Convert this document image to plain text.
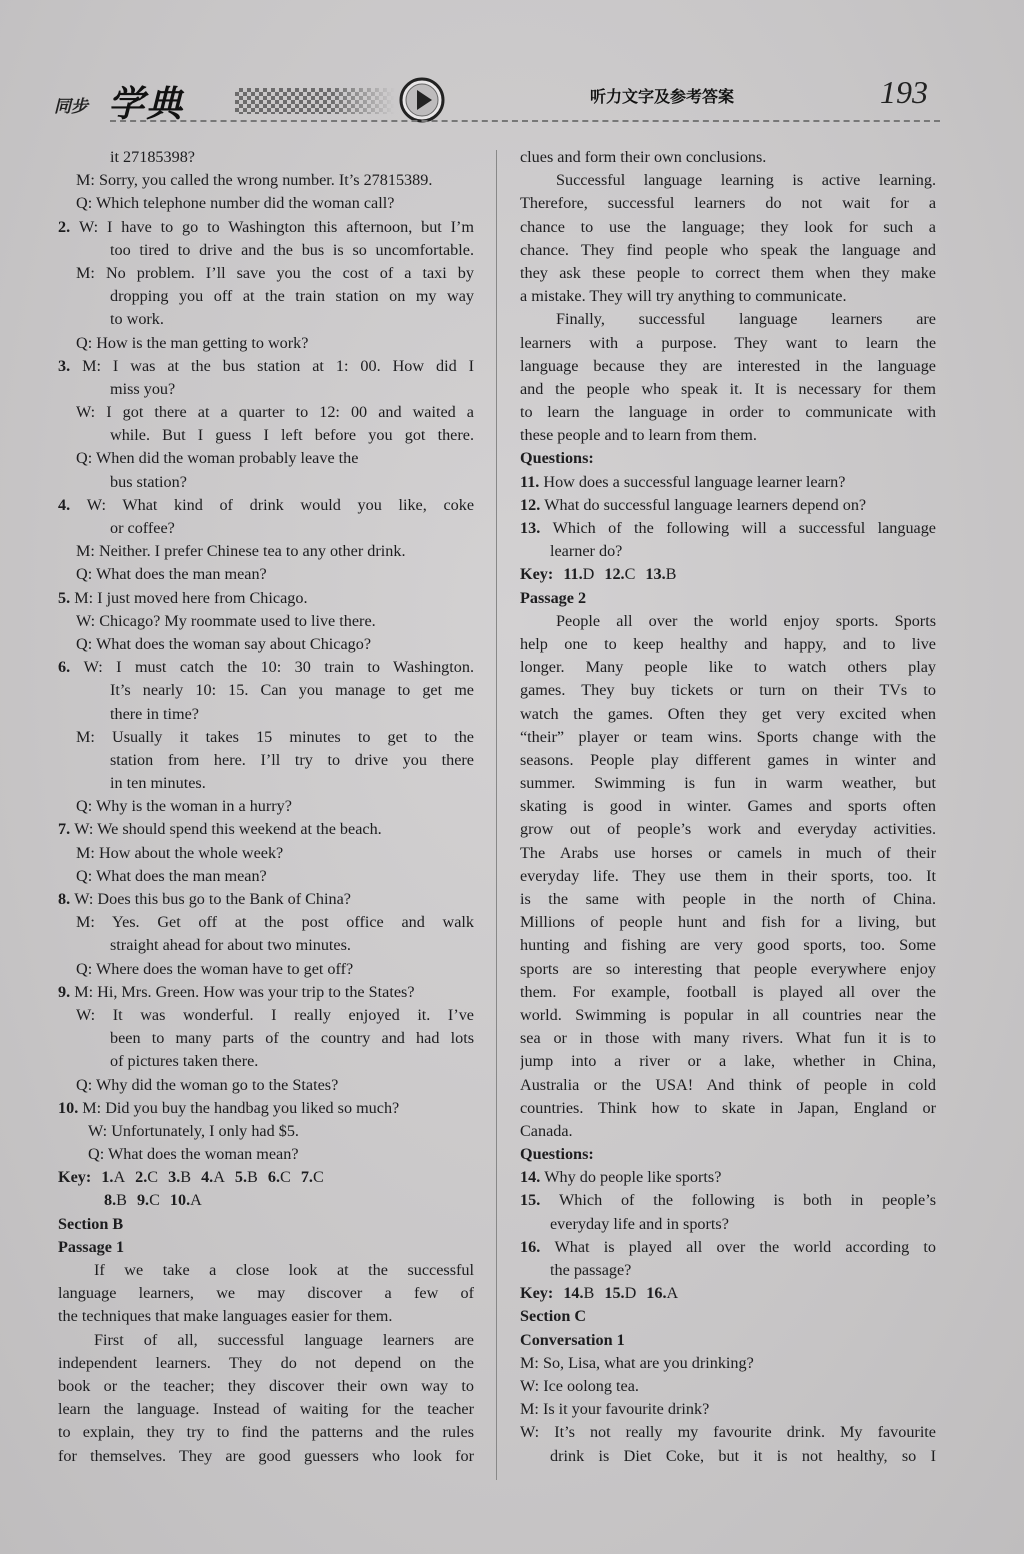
同步 学典	听力文字及参考答案	193
it 27185398?
M: Sorry, you called the wrong number. It’s 27815389.
Q: Which telephone number did the woman call?
2. W: I have to go to Washington this afternoon, but I’m
too tired to drive and the bus is so uncomfortable.
M: No problem. I’ll save you the cost of a taxi by
dropping you off at the train station on my way
to work.
Q: How is the man getting to work?
3. M: I was at the bus station at 1: 00. How did I
miss you?
W: I got there at a quarter to 12: 00 and waited a
while. But I guess I left before you got there.
Q: When did the woman probably leave the
bus station?
4. W: What kind of drink would you like, coke
or coffee?
M: Neither. I prefer Chinese tea to any other drink.
Q: What does the man mean?
5. M: I just moved here from Chicago.
W: Chicago? My roommate used to live there.
Q: What does the woman say about Chicago?
6. W: I must catch the 10: 30 train to Washington.
It’s nearly 10: 15. Can you manage to get me
there in time?
M: Usually it takes 15 minutes to get to the
station from here. I’ll try to drive you there
in ten minutes.
Q: Why is the woman in a hurry?
7. W: We should spend this weekend at the beach.
M: How about the whole week?
Q: What does the man mean?
8. W: Does this bus go to the Bank of China?
M: Yes. Get off at the post office and walk
straight ahead for about two minutes.
Q: Where does the woman have to get off?
9. M: Hi, Mrs. Green. How was your trip to the States?
W: It was wonderful. I really enjoyed it. I’ve
been to many parts of the country and had lots
of pictures taken there.
Q: Why did the woman go to the States?
10. M: Did you buy the handbag you liked so much?
W: Unfortunately, I only had $5.
Q: What does the woman mean?
Key: 1.A 2.C 3.B 4.A 5.B 6.C 7.C
8.B 9.C 10.A
Section B
Passage 1
If we take a close look at the successful
language learners, we may discover a few of
the techniques that make languages easier for them.
First of all, successful language learners are
independent learners. They do not depend on the
book or the teacher; they discover their own way to
learn the language. Instead of waiting for the teacher
to explain, they try to find the patterns and the rules
for themselves. They are good guessers who look for
clues and form their own conclusions.
Successful language learning is active learning.
Therefore, successful learners do not wait for a
chance to use the language; they look for such a
chance. They find people who speak the language and
they ask these people to correct them when they make
a mistake. They will try anything to communicate.
Finally, successful language learners are
learners with a purpose. They want to learn the
language because they are interested in the language
and the people who speak it. It is necessary for them
to learn the language in order to communicate with
these people and to learn from them.
Questions:
11. How does a successful language learner learn?
12. What do successful language learners depend on?
13. Which of the following will a successful language
learner do?
Key: 11.D 12.C 13.B
Passage 2
People all over the world enjoy sports. Sports
help one to keep healthy and happy, and to live
longer. Many people like to watch others play
games. They buy tickets or turn on their TVs to
watch the games. Often they get very excited when
“their” player or team wins. Sports change with the
seasons. People play different games in winter and
summer. Swimming is fun in warm weather, but
skating is good in winter. Games and sports often
grow out of people’s work and everyday activities.
The Arabs use horses or camels in much of their
everyday life. They use them in their sports, too. It
is the same with people in the north of China.
Millions of people hunt and fish for a living, but
hunting and fishing are very good sports, too. Some
sports are so interesting that people everywhere enjoy
them. For example, football is played all over the
world. Swimming is popular in all countries near the
sea or in those with many rivers. What fun it is to
jump into a river or a lake, whether in China,
Australia or the USA! And think of people in cold
countries. Think how to skate in Japan, England or
Canada.
Questions:
14. Why do people like sports?
15. Which of the following is both in people’s
everyday life and in sports?
16. What is played all over the world according to
the passage?
Key: 14.B 15.D 16.A
Section C
Conversation 1
M: So, Lisa, what are you drinking?
W: Ice oolong tea.
M: Is it your favourite drink?
W: It’s not really my favourite drink. My favourite
drink is Diet Coke, but it is not healthy, so I
